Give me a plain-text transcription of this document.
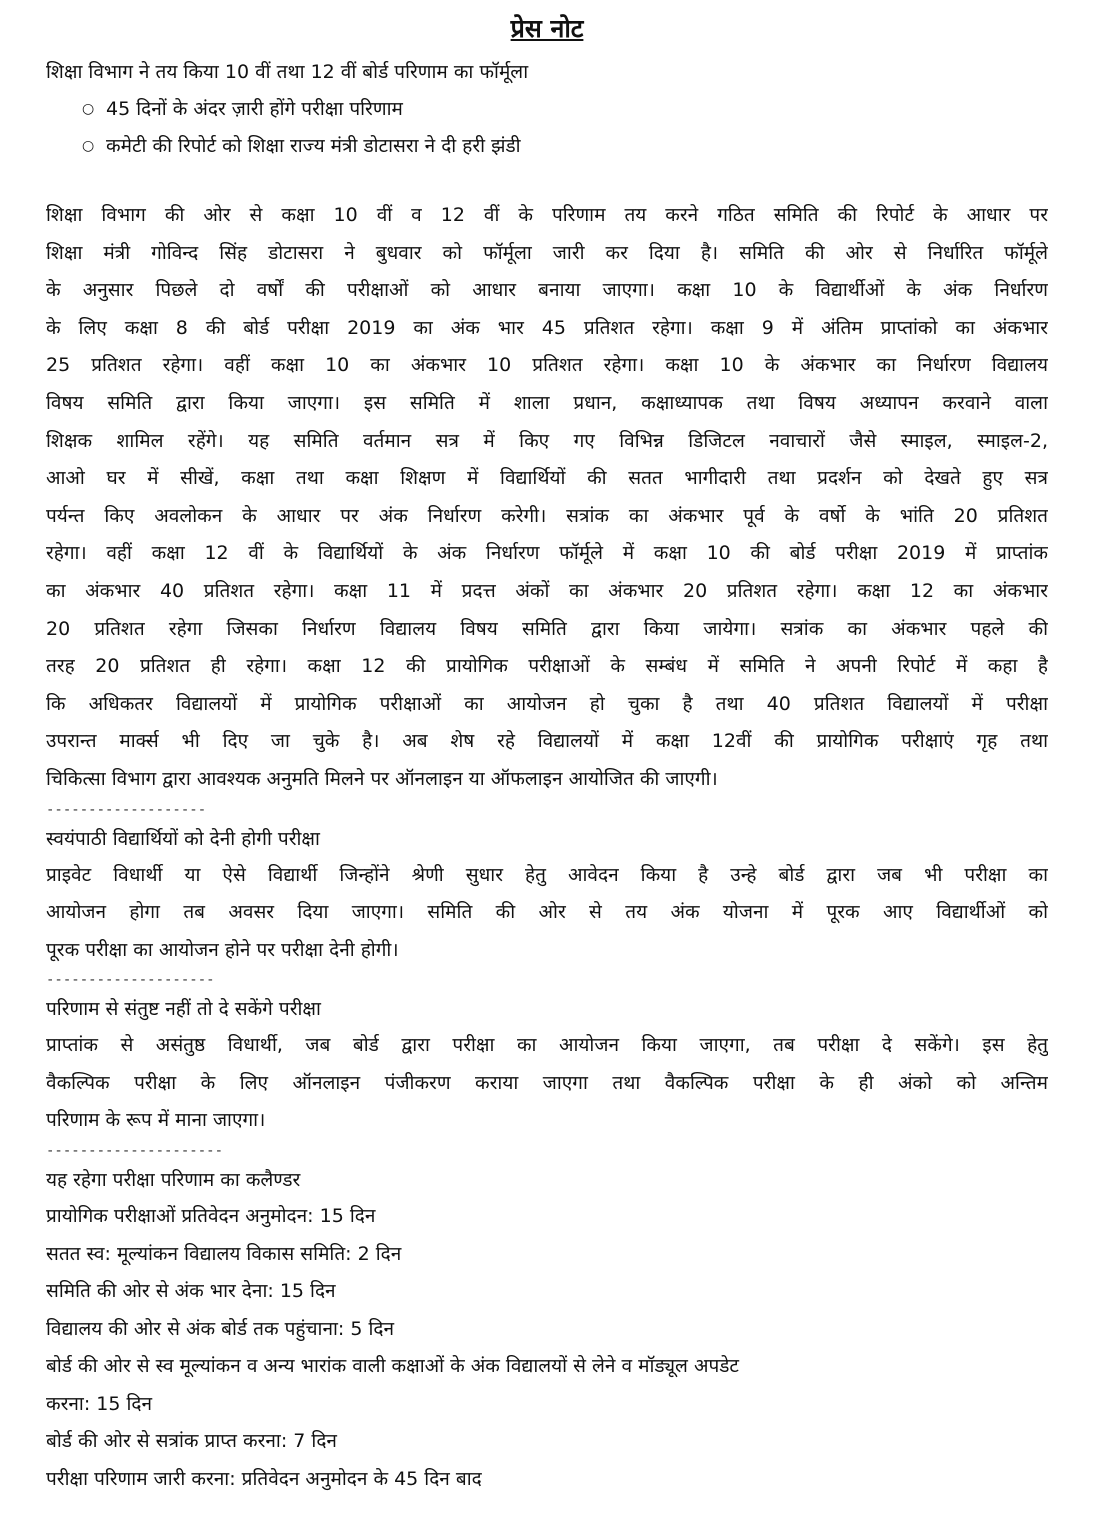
प्रेस नोट
शिक्षा विभाग ने तय किया 10 वीं तथा 12 वीं बोर्ड परिणाम का फॉर्मूला
○ 45 दिनों के अंदर ज़ारी होंगे परीक्षा परिणाम
○ कमेटी की रिपोर्ट को शिक्षा राज्य मंत्री डोटासरा ने दी हरी झंडी
शिक्षा विभाग की ओर से कक्षा 10 वीं व 12 वीं के परिणाम तय करने गठित समिति की रिपोर्ट के आधार पर
शिक्षा मंत्री गोविन्द सिंह डोटासरा ने बुधवार को फॉर्मूला जारी कर दिया है। समिति की ओर से निर्धारित फॉर्मूले
के अनुसार पिछले दो वर्षों की परीक्षाओं को आधार बनाया जाएगा। कक्षा 10 के विद्यार्थीओं के अंक निर्धारण
के लिए कक्षा 8 की बोर्ड परीक्षा 2019 का अंक भार 45 प्रतिशत रहेगा। कक्षा 9 में अंतिम प्राप्तांको का अंकभार
25 प्रतिशत रहेगा। वहीं कक्षा 10 का अंकभार 10 प्रतिशत रहेगा। कक्षा 10 के अंकभार का निर्धारण विद्यालय
विषय समिति द्वारा किया जाएगा। इस समिति में शाला प्रधान, कक्षाध्यापक तथा विषय अध्यापन करवाने वाला
शिक्षक शामिल रहेंगे। यह समिति वर्तमान सत्र में किए गए विभिन्न डिजिटल नवाचारों जैसे स्माइल, स्माइल-2,
आओ घर में सीखें, कक्षा तथा कक्षा शिक्षण में विद्यार्थियों की सतत भागीदारी तथा प्रदर्शन को देखते हुए सत्र
पर्यन्त किए अवलोकन के आधार पर अंक निर्धारण करेगी। सत्रांक का अंकभार पूर्व के वर्षो के भांति 20 प्रतिशत
रहेगा। वहीं कक्षा 12 वीं के विद्यार्थियों के अंक निर्धारण फॉर्मूले में कक्षा 10 की बोर्ड परीक्षा 2019 में प्राप्तांक
का अंकभार 40 प्रतिशत रहेगा। कक्षा 11 में प्रदत्त अंकों का अंकभार 20 प्रतिशत रहेगा। कक्षा 12 का अंकभार
20 प्रतिशत रहेगा जिसका निर्धारण विद्यालय विषय समिति द्वारा किया जायेगा। सत्रांक का अंकभार पहले की
तरह 20 प्रतिशत ही रहेगा। कक्षा 12 की प्रायोगिक परीक्षाओं के सम्बंध में समिति ने अपनी रिपोर्ट में कहा है
कि अधिकतर विद्यालयों में प्रायोगिक परीक्षाओं का आयोजन हो चुका है तथा 40 प्रतिशत विद्यालयों में परीक्षा
उपरान्त मार्क्स भी दिए जा चुके है। अब शेष रहे विद्यालयों में कक्षा 12वीं की प्रायोगिक परीक्षाएं गृह तथा
चिकित्सा विभाग द्वारा आवश्यक अनुमति मिलने पर ऑनलाइन या ऑफलाइन आयोजित की जाएगी।
-------------------
स्वयंपाठी विद्यार्थियों को देनी होगी परीक्षा
प्राइवेट विधार्थी या ऐसे विद्यार्थी जिन्होंने श्रेणी सुधार हेतु आवेदन किया है उन्हे बोर्ड द्वारा जब भी परीक्षा का
आयोजन होगा तब अवसर दिया जाएगा। समिति की ओर से तय अंक योजना में पूरक आए विद्यार्थीओं को
पूरक परीक्षा का आयोजन होने पर परीक्षा देनी होगी।
--------------------
परिणाम से संतुष्ट नहीं तो दे सकेंगे परीक्षा
प्राप्तांक से असंतुष्ठ विधार्थी, जब बोर्ड द्वारा परीक्षा का आयोजन किया जाएगा, तब परीक्षा दे सकेंगे। इस हेतु
वैकल्पिक परीक्षा के लिए ऑनलाइन पंजीकरण कराया जाएगा तथा वैकल्पिक परीक्षा के ही अंको को अन्तिम
परिणाम के रूप में माना जाएगा।
---------------------
यह रहेगा परीक्षा परिणाम का कलैण्डर
प्रायोगिक परीक्षाओं प्रतिवेदन अनुमोदन: 15 दिन
सतत स्व: मूल्यांकन विद्यालय विकास समिति: 2 दिन
समिति की ओर से अंक भार देना: 15 दिन
विद्यालय की ओर से अंक बोर्ड तक पहुंचाना: 5 दिन
बोर्ड की ओर से स्व मूल्यांकन व अन्य भारांक वाली कक्षाओं के अंक विद्यालयों से लेने व मॉड्यूल अपडेट
करना: 15 दिन
बोर्ड की ओर से सत्रांक प्राप्त करना: 7 दिन
परीक्षा परिणाम जारी करना: प्रतिवेदन अनुमोदन के 45 दिन बाद
